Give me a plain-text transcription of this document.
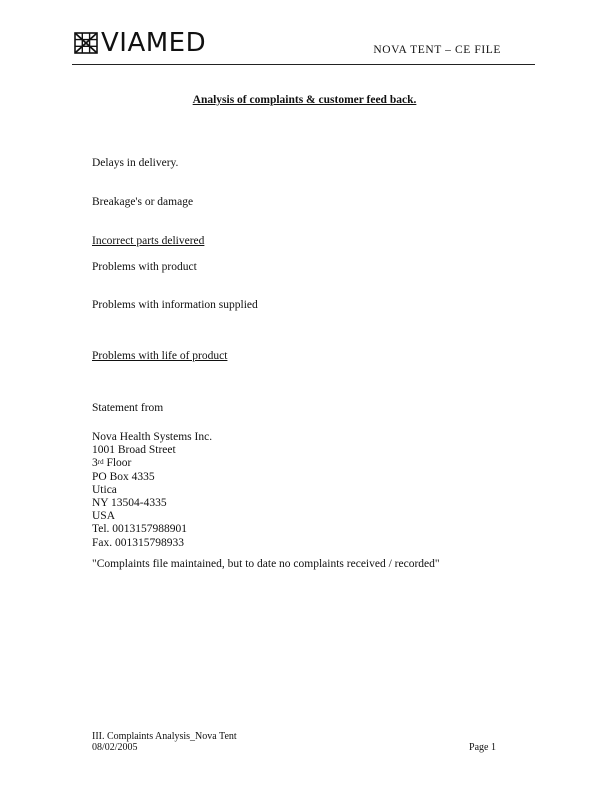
VIAMED	NOVA TENT – CE FILE
Analysis of complaints & customer feed back.
Delays in delivery.
Breakage's or damage
Incorrect parts delivered
Problems with product
Problems with information supplied
Problems with life of product
Statement from
Nova Health Systems Inc.
1001 Broad Street
3rd Floor
PO Box 4335
Utica
NY 13504-4335
USA
Tel. 0013157988901
Fax. 001315798933
"Complaints file maintained, but to date no complaints received / recorded"
III. Complaints Analysis_Nova Tent
08/02/2005	Page 1
